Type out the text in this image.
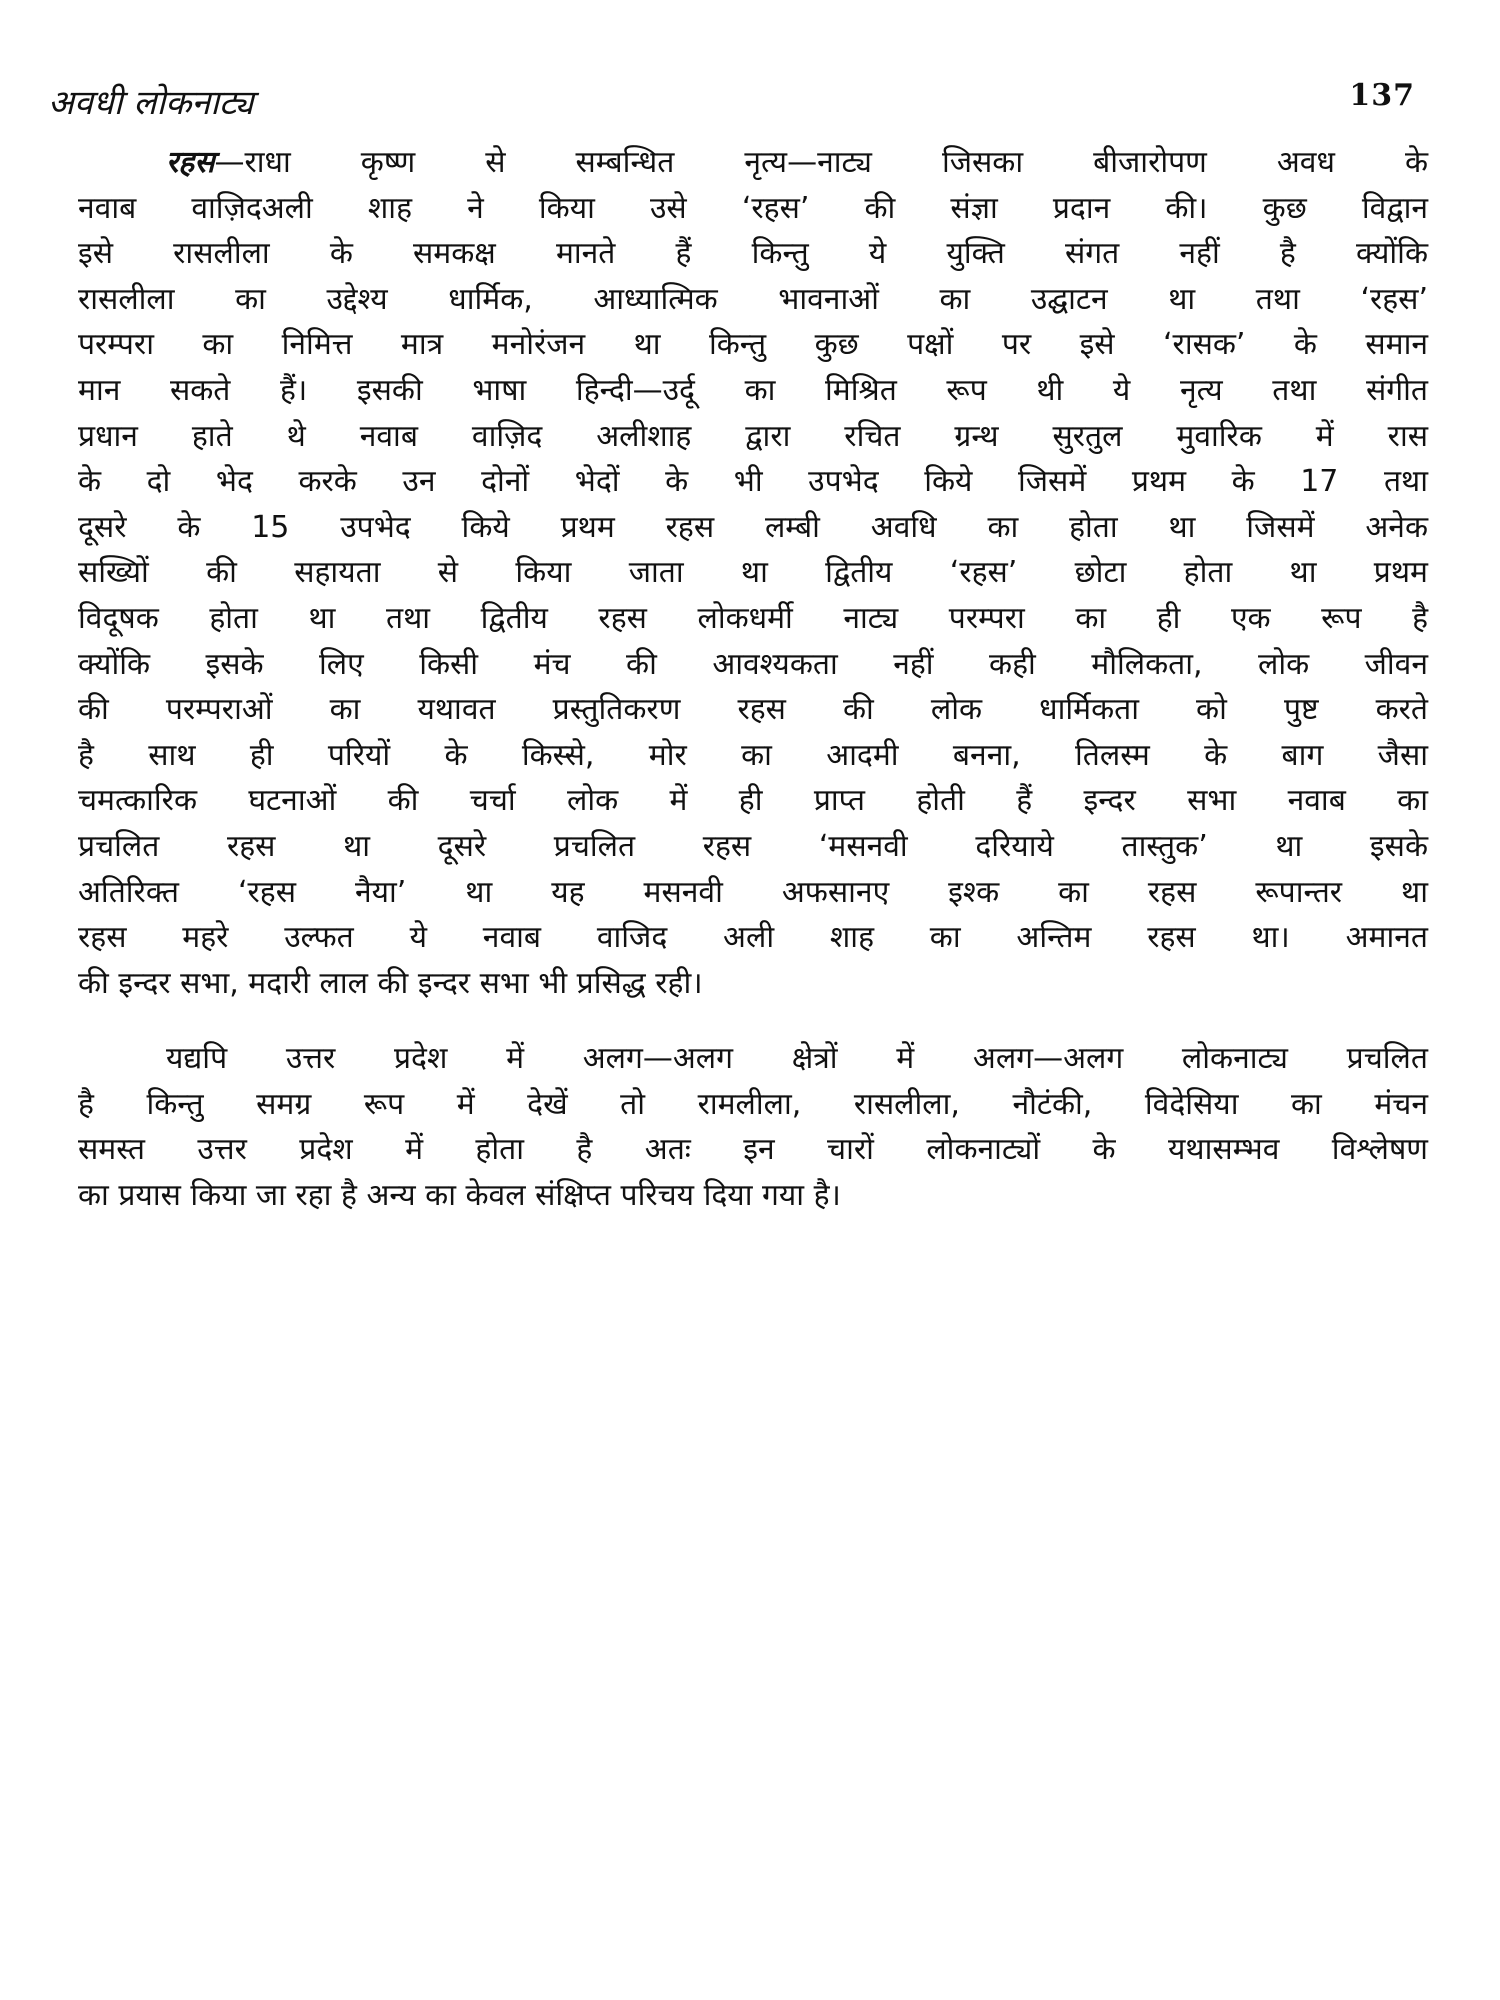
अवधी लोकनाट्य	137
रहस—राधा कृष्ण से सम्बन्धित नृत्य—नाट्य जिसका बीजारोपण अवध के
नवाब वाज़िदअली शाह ने किया उसे ‘रहस’ की संज्ञा प्रदान की। कुछ विद्वान
इसे रासलीला के समकक्ष मानते हैं किन्तु ये युक्ति संगत नहीं है क्योंकि
रासलीला का उद्देश्य धार्मिक, आध्यात्मिक भावनाओं का उद्घाटन था तथा ‘रहस’
परम्परा का निमित्त मात्र मनोरंजन था किन्तु कुछ पक्षों पर इसे ‘रासक’ के समान
मान सकते हैं। इसकी भाषा हिन्दी—उर्दू का मिश्रित रूप थी ये नृत्य तथा संगीत
प्रधान हाते थे नवाब वाज़िद अलीशाह द्वारा रचित ग्रन्थ सुरतुल मुवारिक में रास
के दो भेद करके उन दोनों भेदों के भी उपभेद किये जिसमें प्रथम के 17 तथा
दूसरे के 15 उपभेद किये प्रथम रहस लम्बी अवधि का होता था जिसमें अनेक
सख्यिों की सहायता से किया जाता था द्वितीय ‘रहस’ छोटा होता था प्रथम
विदूषक होता था तथा द्वितीय रहस लोकधर्मी नाट्य परम्परा का ही एक रूप है
क्योंकि इसके लिए किसी मंच की आवश्यकता नहीं कही मौलिकता, लोक जीवन
की परम्पराओं का यथावत प्रस्तुतिकरण रहस की लोक धार्मिकता को पुष्ट करते
है साथ ही परियों के किस्से, मोर का आदमी बनना, तिलस्म के बाग जैसा
चमत्कारिक घटनाओं की चर्चा लोक में ही प्राप्त होती हैं इन्दर सभा नवाब का
प्रचलित रहस था दूसरे प्रचलित रहस ‘मसनवी दरियाये तास्तुक’ था इसके
अतिरिक्त ‘रहस नैया’ था यह मसनवी अफसानए इश्क का रहस रूपान्तर था
रहस महरे उल्फत ये नवाब वाजिद अली शाह का अन्तिम रहस था। अमानत
की इन्दर सभा, मदारी लाल की इन्दर सभा भी प्रसिद्ध रही।
यद्यपि उत्तर प्रदेश में अलग—अलग क्षेत्रों में अलग—अलग लोकनाट्य प्रचलित
है किन्तु समग्र रूप में देखें तो रामलीला, रासलीला, नौटंकी, विदेसिया का मंचन
समस्त उत्तर प्रदेश में होता है अतः इन चारों लोकनाट्यों के यथासम्भव विश्लेषण
का प्रयास किया जा रहा है अन्य का केवल संक्षिप्त परिचय दिया गया है।
